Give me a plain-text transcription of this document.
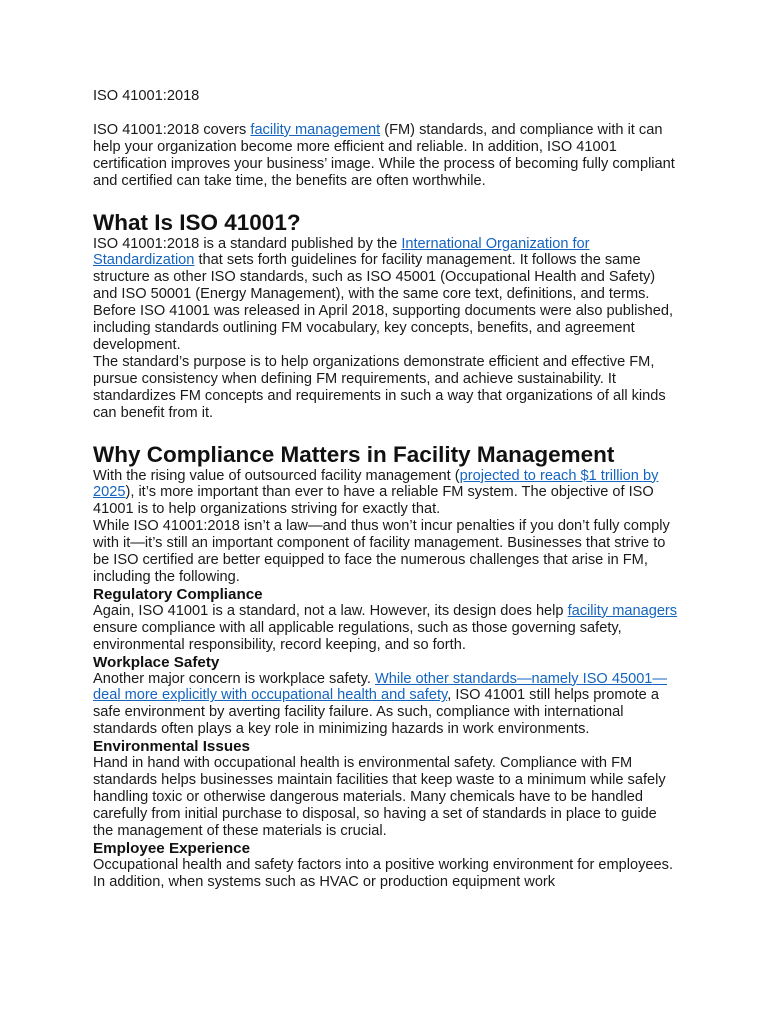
ISO 41001:2018

ISO 41001:2018 covers facility management (FM) standards, and compliance with it can help your organization become more efficient and reliable. In addition, ISO 41001 certification improves your business’ image. While the process of becoming fully compliant and certified can take time, the benefits are often worthwhile.

What Is ISO 41001?

ISO 41001:2018 is a standard published by the International Organization for Standardization that sets forth guidelines for facility management. It follows the same structure as other ISO standards, such as ISO 45001 (Occupational Health and Safety) and ISO 50001 (Energy Management), with the same core text, definitions, and terms.

Before ISO 41001 was released in April 2018, supporting documents were also published, including standards outlining FM vocabulary, key concepts, benefits, and agreement development.

The standard’s purpose is to help organizations demonstrate efficient and effective FM, pursue consistency when defining FM requirements, and achieve sustainability. It standardizes FM concepts and requirements in such a way that organizations of all kinds can benefit from it.

Why Compliance Matters in Facility Management

With the rising value of outsourced facility management (projected to reach $1 trillion by 2025), it’s more important than ever to have a reliable FM system. The objective of ISO 41001 is to help organizations striving for exactly that.

While ISO 41001:2018 isn’t a law—and thus won’t incur penalties if you don’t fully comply with it—it’s still an important component of facility management. Businesses that strive to be ISO certified are better equipped to face the numerous challenges that arise in FM, including the following.

Regulatory Compliance

Again, ISO 41001 is a standard, not a law. However, its design does help facility managers ensure compliance with all applicable regulations, such as those governing safety, environmental responsibility, record keeping, and so forth.

Workplace Safety

Another major concern is workplace safety. While other standards—namely ISO 45001—deal more explicitly with occupational health and safety, ISO 41001 still helps promote a safe environment by averting facility failure. As such, compliance with international standards often plays a key role in minimizing hazards in work environments.

Environmental Issues

Hand in hand with occupational health is environmental safety. Compliance with FM standards helps businesses maintain facilities that keep waste to a minimum while safely handling toxic or otherwise dangerous materials. Many chemicals have to be handled carefully from initial purchase to disposal, so having a set of standards in place to guide the management of these materials is crucial.

Employee Experience

Occupational health and safety factors into a positive working environment for employees. In addition, when systems such as HVAC or production equipment work
